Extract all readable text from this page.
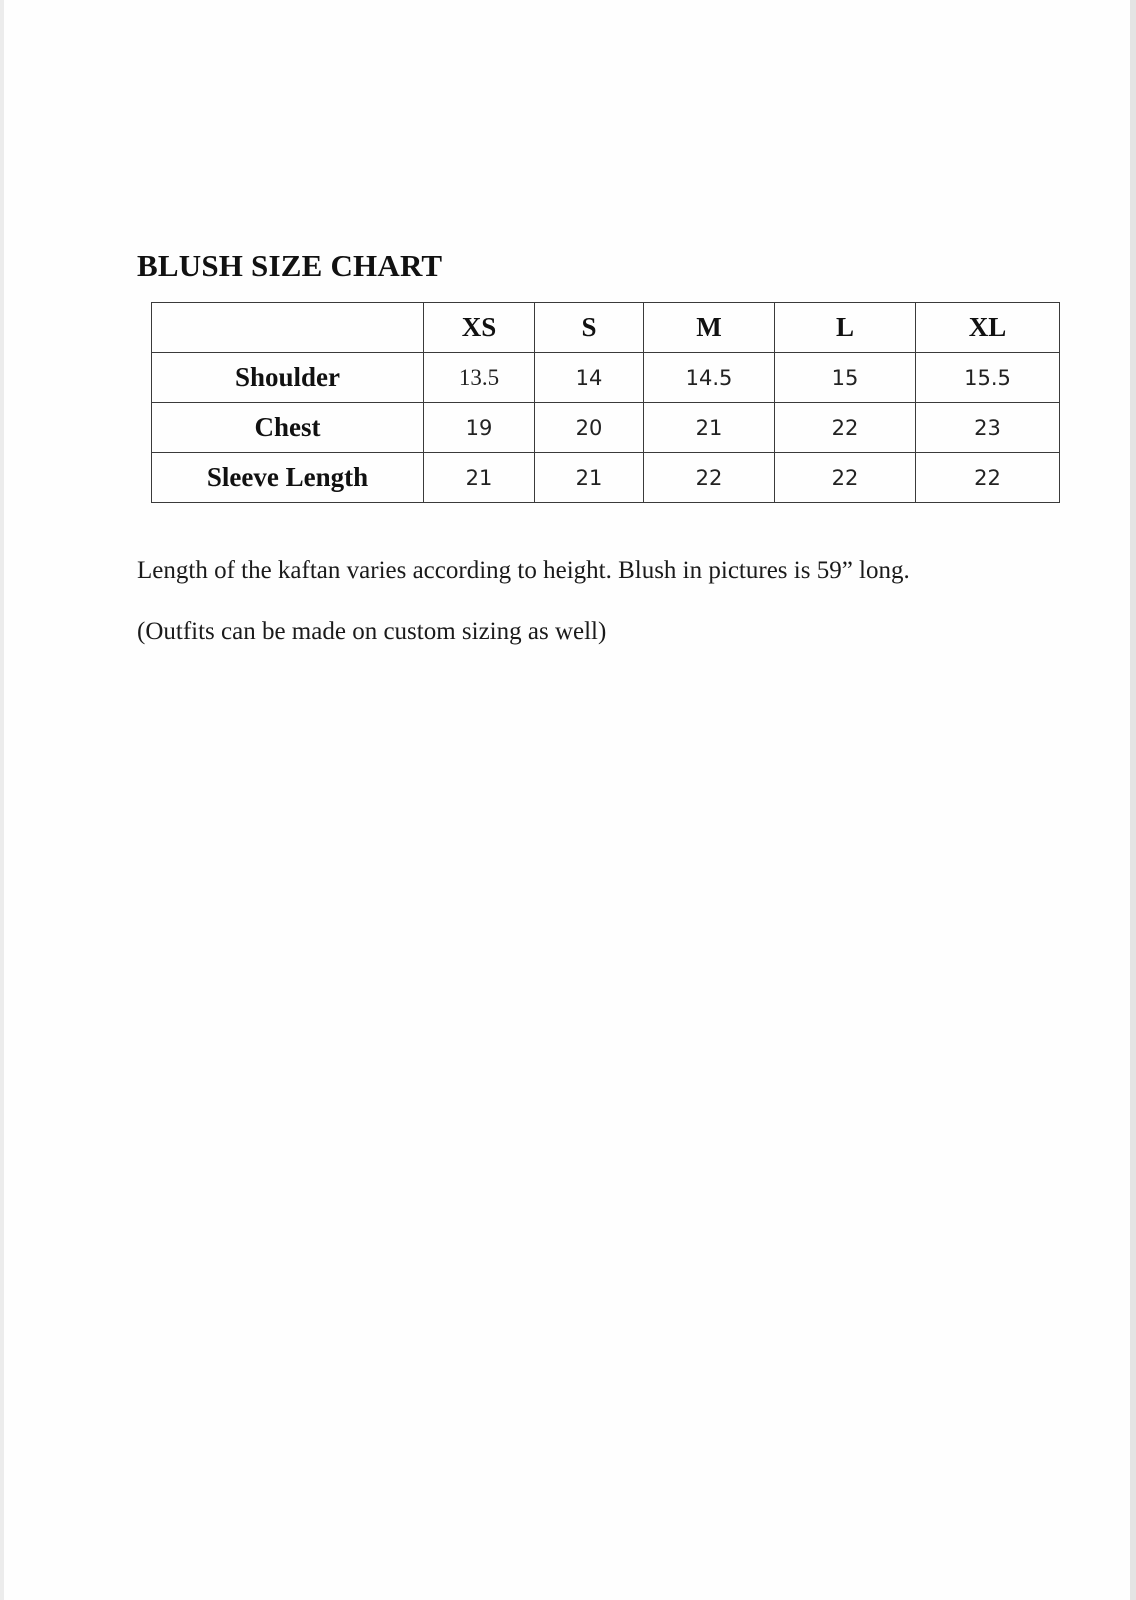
BLUSH SIZE CHART
	XS	S	M	L	XL
Shoulder	13.5	14	14.5	15	15.5
Chest	19	20	21	22	23
Sleeve Length	21	21	22	22	22

Length of the kaftan varies according to height. Blush in pictures is 59” long.

(Outfits can be made on custom sizing as well)
